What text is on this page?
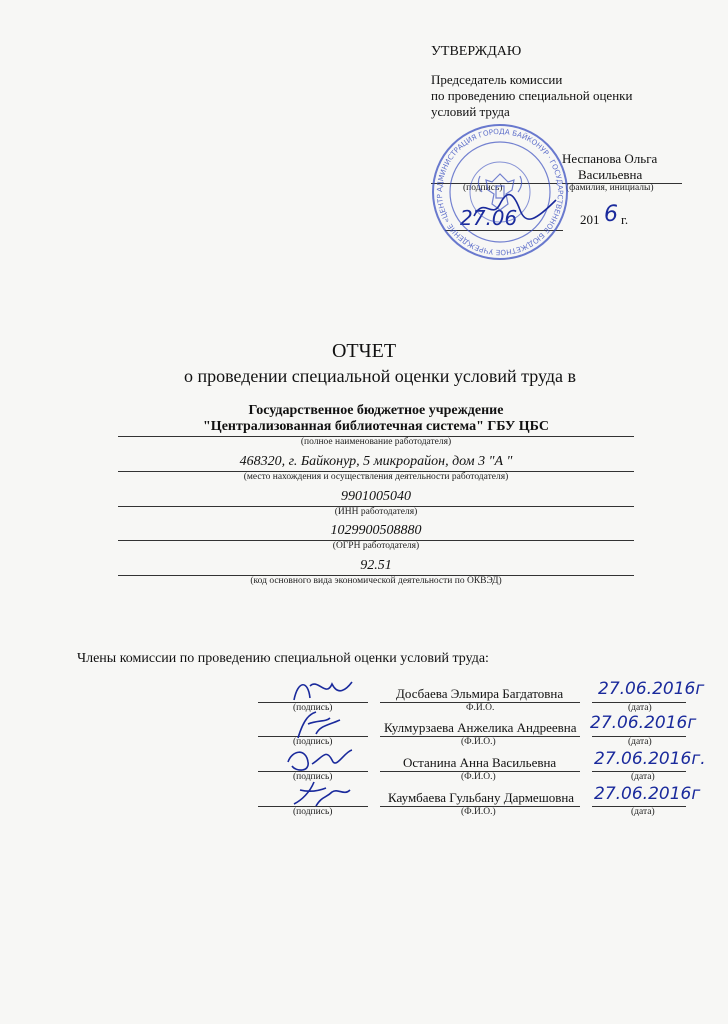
УТВЕРЖДАЮ
Председатель комиссии
по проведению специальной оценки
условий труда
Неспанова Ольга
Васильевна
(подпись)	(фамилия, инициалы)
27.06	201 6 г.
АДМИНИСТРАЦИЯ ГОРОДА БАЙКОНУР · ГОСУДАРСТВЕННОЕ БЮДЖЕТНОЕ УЧРЕЖДЕНИЕ «ЦЕНТРАЛИЗОВАННАЯ БИБЛИОТЕЧНАЯ СИСТЕМА» ГБУ ЦБС · ОГРН 1029900508880
ОТЧЕТ
о проведении специальной оценки условий труда в
Государственное бюджетное учреждение
"Централизованная библиотечная система" ГБУ ЦБС
(полное наименование работодателя)
468320, г. Байконур, 5 микрорайон, дом 3 "А "
(место нахождения и осуществления деятельности работодателя)
9901005040
(ИНН работодателя)
1029900508880
(ОГРН работодателя)
92.51
(код основного вида экономической деятельности по ОКВЭД)
Члены комиссии по проведению специальной оценки условий труда:
(подпись)
Досбаева Эльмира Багдатовна
Ф.И.О.
27.06.2016г
(дата)
(подпись)
Кулмурзаева Анжелика Андреевна
(Ф.И.О.)
27.06.2016г
(дата)
(подпись)
Останина Анна Васильевна
(Ф.И.О.)
27.06.2016г.
(дата)
(подпись)
Каумбаева Гульбану Дармешовна
(Ф.И.О.)
27.06.2016г
(дата)
